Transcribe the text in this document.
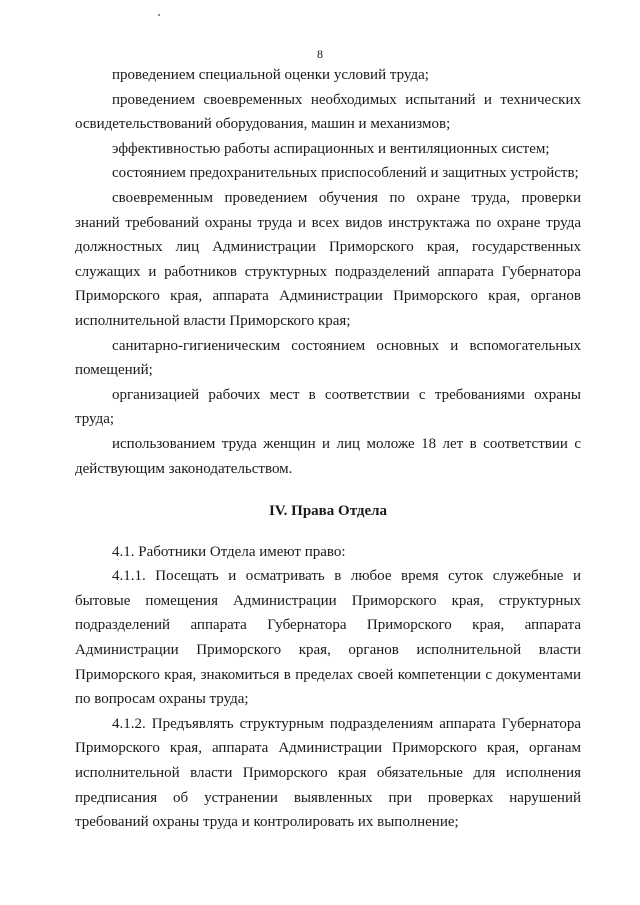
8

проведением специальной оценки условий труда;

проведением своевременных необходимых испытаний и технических освидетельствований оборудования, машин и механизмов;

эффективностью работы аспирационных и вентиляционных систем;

состоянием предохранительных приспособлений и защитных устройств;

своевременным проведением обучения по охране труда, проверки знаний требований охраны труда и всех видов инструктажа по охране труда должностных лиц Администрации Приморского края, государственных служащих и работников структурных подразделений аппарата Губернатора Приморского края, аппарата Администрации Приморского края, органов исполнительной власти Приморского края;

санитарно-гигиеническим состоянием основных и вспомогательных помещений;

организацией рабочих мест в соответствии с требованиями охраны труда;

использованием труда женщин и лиц моложе 18 лет в соответствии с действующим законодательством.

IV. Права Отдела

4.1. Работники Отдела имеют право:

4.1.1. Посещать и осматривать в любое время суток служебные и бытовые помещения Администрации Приморского края, структурных подразделений аппарата Губернатора Приморского края, аппарата Администрации Приморского края, органов исполнительной власти Приморского края, знакомиться в пределах своей компетенции с документами по вопросам охраны труда;

4.1.2. Предъявлять структурным подразделениям аппарата Губернатора Приморского края, аппарата Администрации Приморского края, органам исполнительной власти Приморского края обязательные для исполнения предписания об устранении выявленных при проверках нарушений требований охраны труда и контролировать их выполнение;
